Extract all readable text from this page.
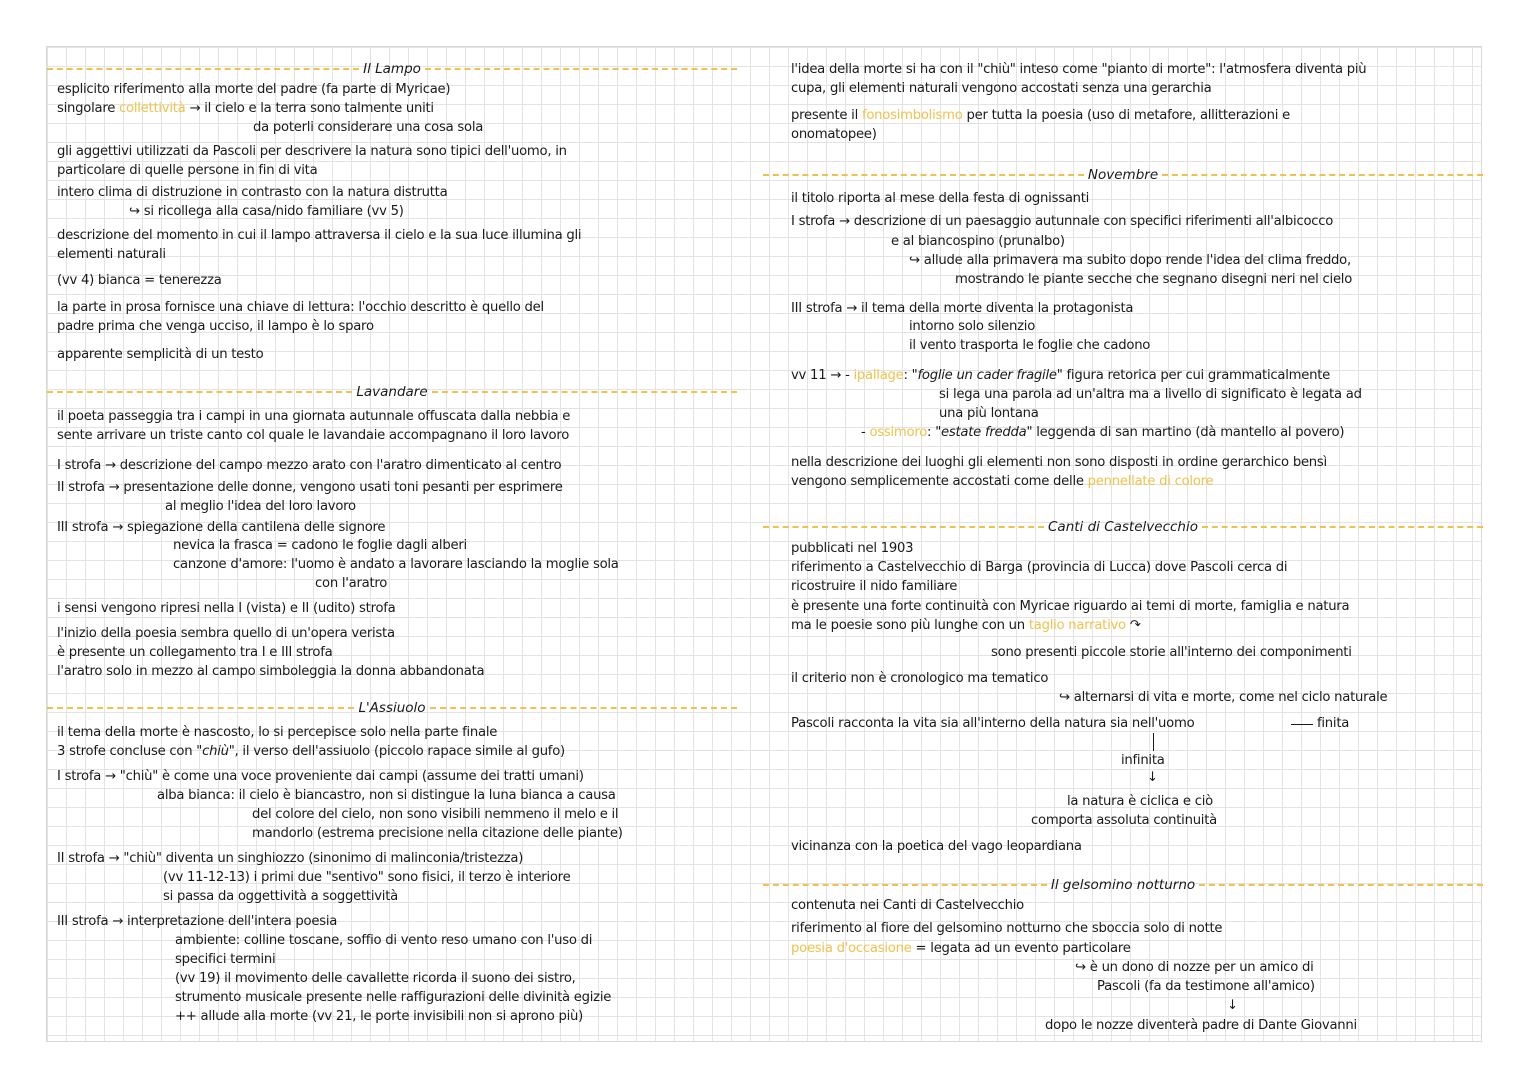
Il Lampo
esplicito riferimento alla morte del padre (fa parte di Myricae)
singolare collettività → il cielo e la terra sono talmente uniti
da poterli considerare una cosa sola
gli aggettivi utilizzati da Pascoli per descrivere la natura sono tipici dell'uomo, in
particolare di quelle persone in fin di vita
intero clima di distruzione in contrasto con la natura distrutta
↪ si ricollega alla casa/nido familiare (vv 5)
descrizione del momento in cui il lampo attraversa il cielo e la sua luce illumina gli
elementi naturali
(vv 4) bianca = tenerezza
la parte in prosa fornisce una chiave di lettura: l'occhio descritto è quello del
padre prima che venga ucciso, il lampo è lo sparo
apparente semplicità di un testo
Lavandare
il poeta passeggia tra i campi in una giornata autunnale offuscata dalla nebbia e
sente arrivare un triste canto col quale le lavandaie accompagnano il loro lavoro
I strofa → descrizione del campo mezzo arato con l'aratro dimenticato al centro
II strofa → presentazione delle donne, vengono usati toni pesanti per esprimere
al meglio l'idea del loro lavoro
III strofa → spiegazione della cantilena delle signore
nevica la frasca = cadono le foglie dagli alberi
canzone d'amore: l'uomo è andato a lavorare lasciando la moglie sola
con l'aratro
i sensi vengono ripresi nella I (vista) e II (udito) strofa
l'inizio della poesia sembra quello di un'opera verista
è presente un collegamento tra I e III strofa
l'aratro solo in mezzo al campo simboleggia la donna abbandonata
L'Assiuolo
il tema della morte è nascosto, lo si percepisce solo nella parte finale
3 strofe concluse con "chiù", il verso dell'assiuolo (piccolo rapace simile al gufo)
I strofa → "chiù" è come una voce proveniente dai campi (assume dei tratti umani)
alba bianca: il cielo è biancastro, non si distingue la luna bianca a causa
del colore del cielo, non sono visibili nemmeno il melo e il
mandorlo (estrema precisione nella citazione delle piante)
II strofa → "chiù" diventa un singhiozzo (sinonimo di malinconia/tristezza)
(vv 11-12-13) i primi due "sentivo" sono fisici, il terzo è interiore
si passa da oggettività a soggettività
III strofa → interpretazione dell'intera poesia
ambiente: colline toscane, soffio di vento reso umano con l'uso di
specifici termini
(vv 19) il movimento delle cavallette ricorda il suono dei sistro,
strumento musicale presente nelle raffigurazioni delle divinità egizie
++ allude alla morte (vv 21, le porte invisibili non si aprono più)
l'idea della morte si ha con il "chiù" inteso come "pianto di morte": l'atmosfera diventa più
cupa, gli elementi naturali vengono accostati senza una gerarchia
presente il fonosimbolismo per tutta la poesia (uso di metafore, allitterazioni e
onomatopee)
Novembre
il titolo riporta al mese della festa di ognissanti
I strofa → descrizione di un paesaggio autunnale con specifici riferimenti all'albicocco
e al biancospino (prunalbo)
↪ allude alla primavera ma subito dopo rende l'idea del clima freddo,
mostrando le piante secche che segnano disegni neri nel cielo
III strofa → il tema della morte diventa la protagonista
intorno solo silenzio
il vento trasporta le foglie che cadono
vv 11 → - ipallage: "foglie un cader fragile" figura retorica per cui grammaticalmente
si lega una parola ad un'altra ma a livello di significato è legata ad
una più lontana
- ossimoro: "estate fredda" leggenda di san martino (dà mantello al povero)
nella descrizione dei luoghi gli elementi non sono disposti in ordine gerarchico bensì
vengono semplicemente accostati come delle pennellate di colore
Canti di Castelvecchio
pubblicati nel 1903
riferimento a Castelvecchio di Barga (provincia di Lucca) dove Pascoli cerca di
ricostruire il nido familiare
è presente una forte continuità con Myricae riguardo ai temi di morte, famiglia e natura
ma le poesie sono più lunghe con un taglio narrativo ↷
sono presenti piccole storie all'interno dei componimenti
il criterio non è cronologico ma tematico
↪ alternarsi di vita e morte, come nel ciclo naturale
Pascoli racconta la vita sia all'interno della natura sia nell'uomo	finita
infinita
↓
la natura è ciclica e ciò
comporta assoluta continuità
vicinanza con la poetica del vago leopardiana
Il gelsomino notturno
contenuta nei Canti di Castelvecchio
riferimento al fiore del gelsomino notturno che sboccia solo di notte
poesia d'occasione = legata ad un evento particolare
↪ è un dono di nozze per un amico di
Pascoli (fa da testimone all'amico)
↓
dopo le nozze diventerà padre di Dante Giovanni
